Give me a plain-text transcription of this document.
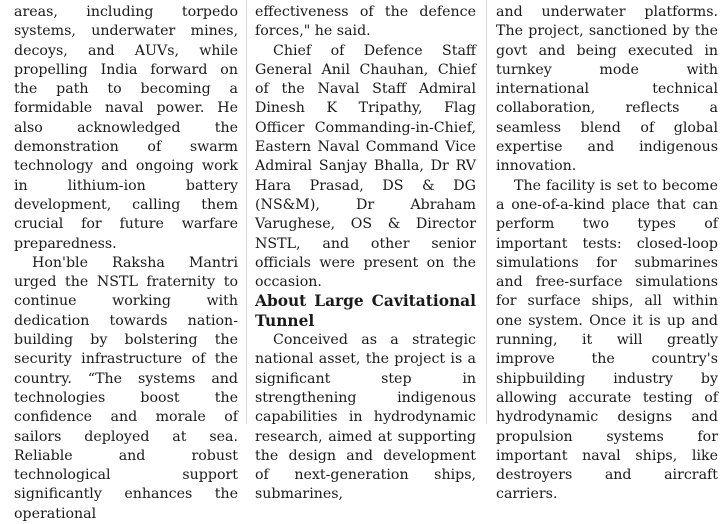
areas, including torpedo systems, underwater mines, decoys, and AUVs, while propelling India forward on the path to becoming a formidable naval power. He also acknowledged the demonstration of swarm technology and ongoing work in lithium-ion battery development, calling them crucial for future warfare preparedness.

Hon'ble Raksha Mantri urged the NSTL fraternity to continue working with dedication towards nation-building by bolstering the security infrastructure of the country. “The systems and technologies boost the confidence and morale of sailors deployed at sea. Reliable and robust technological support significantly enhances the operational

effectiveness of the defence forces," he said.

Chief of Defence Staff General Anil Chauhan, Chief of the Naval Staff Admiral Dinesh K Tripathy, Flag Officer Commanding-in-Chief, Eastern Naval Command Vice Admiral Sanjay Bhalla, Dr RV Hara Prasad, DS & DG (NS&M), Dr Abraham Varughese, OS & Director NSTL, and other senior officials were present on the occasion.

About Large Cavitational Tunnel

Conceived as a strategic national asset, the project is a significant step in strengthening indigenous capabilities in hydrodynamic research, aimed at supporting the design and development of next-generation ships, submarines,

and underwater platforms. The project, sanctioned by the govt and being executed in turnkey mode with international technical collaboration, reflects a seamless blend of global expertise and indigenous innovation.

The facility is set to become a one-of-a-kind place that can perform two types of important tests: closed-loop simulations for submarines and free-surface simulations for surface ships, all within one system. Once it is up and running, it will greatly improve the country's shipbuilding industry by allowing accurate testing of hydrodynamic designs and propulsion systems for important naval ships, like destroyers and aircraft carriers.
